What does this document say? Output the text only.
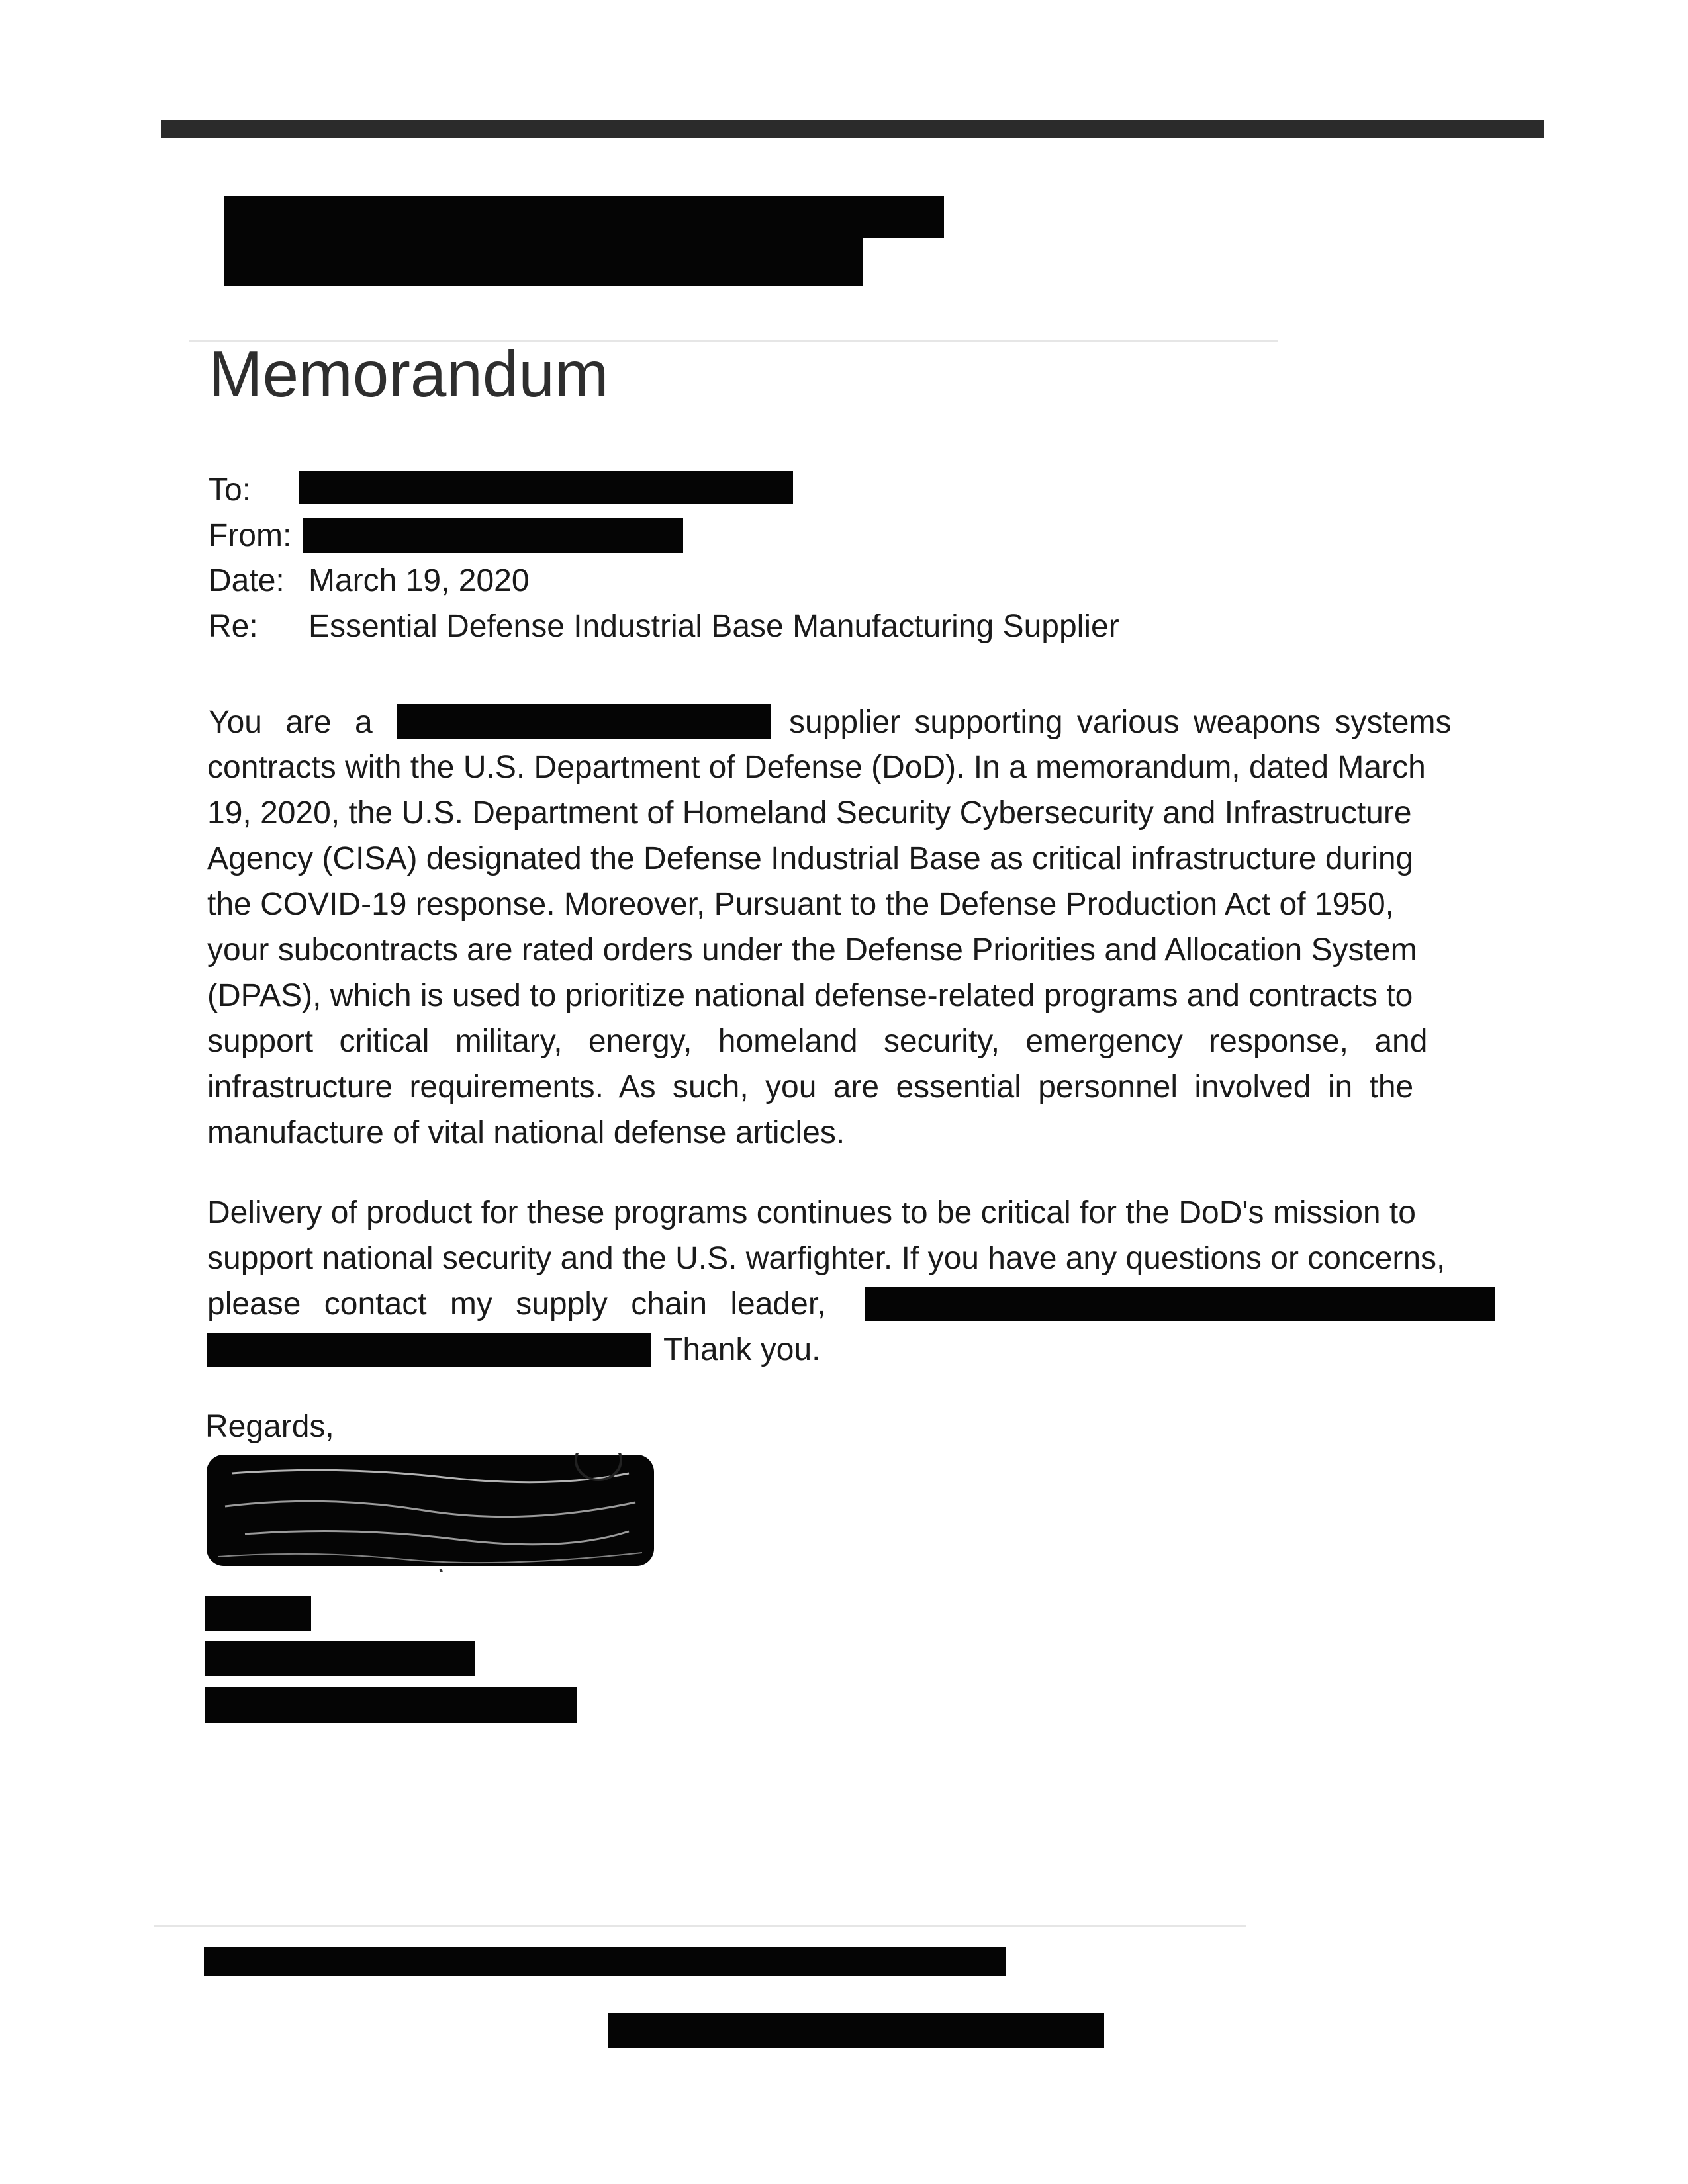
Memorandum
To:
From:
Date: March 19, 2020
Re: Essential Defense Industrial Base Manufacturing Supplier
You are a	supplier supporting various weapons systems
contracts with the U.S. Department of Defense (DoD). In a memorandum, dated March
19, 2020, the U.S. Department of Homeland Security Cybersecurity and Infrastructure
Agency (CISA) designated the Defense Industrial Base as critical infrastructure during
the COVID-19 response. Moreover, Pursuant to the Defense Production Act of 1950,
your subcontracts are rated orders under the Defense Priorities and Allocation System
(DPAS), which is used to prioritize national defense-related programs and contracts to
support critical military, energy, homeland security, emergency response, and
infrastructure requirements. As such, you are essential personnel involved in the
manufacture of vital national defense articles.
Delivery of product for these programs continues to be critical for the DoD's mission to
support national security and the U.S. warfighter. If you have any questions or concerns,
please contact my supply chain leader,
Thank you.
Regards,
